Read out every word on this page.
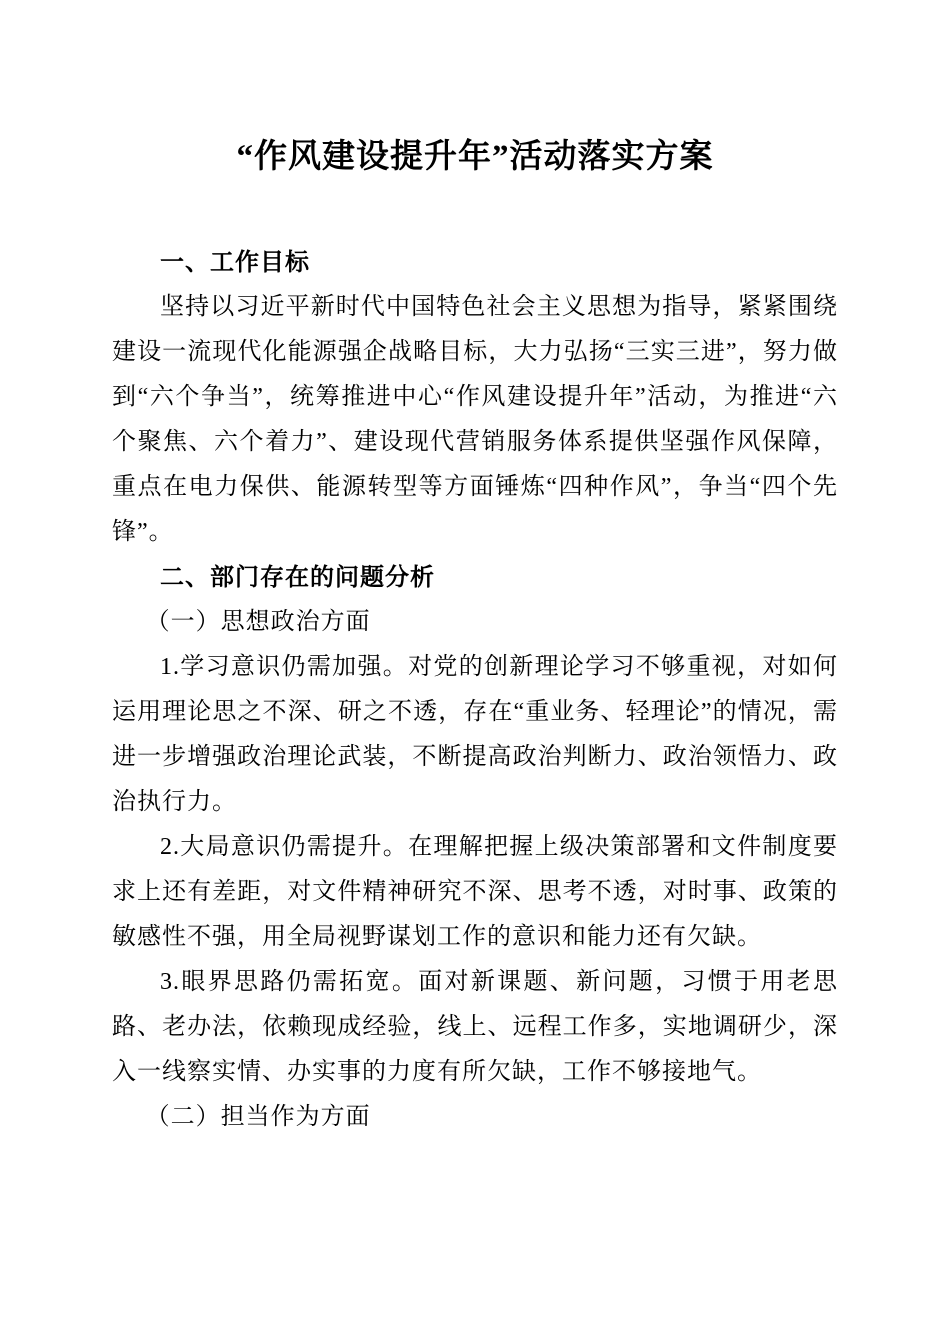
“作风建设提升年”活动落实方案
一、工作目标

坚持以习近平新时代中国特色社会主义思想为指导，紧紧围绕建设一流现代化能源强企战略目标，大力弘扬“三实三进”，努力做到“六个争当”，统筹推进中心“作风建设提升年”活动，为推进“六个聚焦、六个着力”、建设现代营销服务体系提供坚强作风保障，重点在电力保供、能源转型等方面锤炼“四种作风”，争当“四个先锋”。

二、部门存在的问题分析
（一）思想政治方面

1.学习意识仍需加强。对党的创新理论学习不够重视，对如何运用理论思之不深、研之不透，存在“重业务、轻理论”的情况，需进一步增强政治理论武装，不断提高政治判断力、政治领悟力、政治执行力。

2.大局意识仍需提升。在理解把握上级决策部署和文件制度要求上还有差距，对文件精神研究不深、思考不透，对时事、政策的敏感性不强，用全局视野谋划工作的意识和能力还有欠缺。

3.眼界思路仍需拓宽。面对新课题、新问题，习惯于用老思路、老办法，依赖现成经验，线上、远程工作多，实地调研少，深入一线察实情、办实事的力度有所欠缺，工作不够接地气。

（二）担当作为方面
